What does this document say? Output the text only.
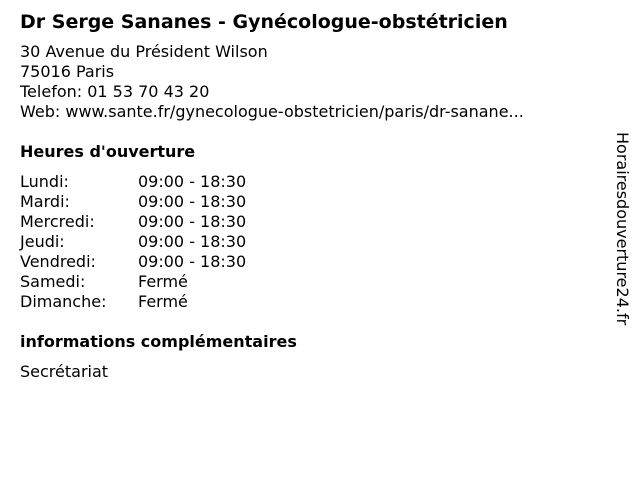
Dr Serge Sananes - Gynécologue-obstétricien
30 Avenue du Président Wilson
75016 Paris
Telefon: 01 53 70 43 20
Web: www.sante.fr/gynecologue-obstetricien/paris/dr-sanane...
Heures d'ouverture
Lundi:	09:00 - 18:30
Mardi:	09:00 - 18:30
Mercredi:	09:00 - 18:30
Jeudi:	09:00 - 18:30
Vendredi:	09:00 - 18:30
Samedi:	Fermé
Dimanche:	Fermé
informations complémentaires
Secrétariat
Horairesdouverture24.fr
